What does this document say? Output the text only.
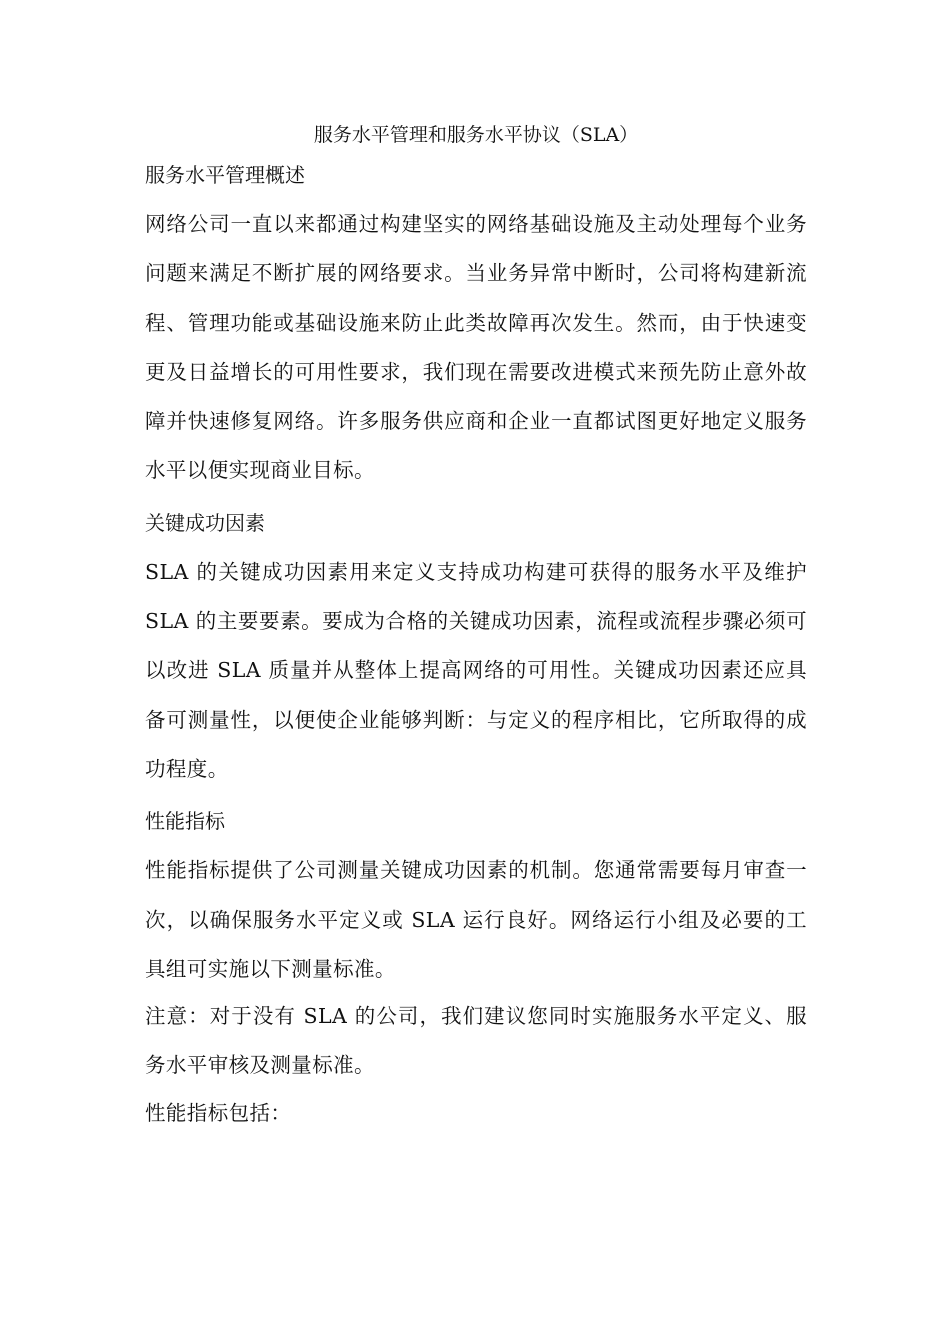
服务水平管理和服务水平协议（SLA）
服务水平管理概述

网络公司一直以来都通过构建坚实的网络基础设施及主动处理每个业务问题来满足不断扩展的网络要求。当业务异常中断时，公司将构建新流程、管理功能或基础设施来防止此类故障再次发生。然而，由于快速变更及日益增长的可用性要求，我们现在需要改进模式来预先防止意外故障并快速修复网络。许多服务供应商和企业一直都试图更好地定义服务水平以便实现商业目标。

关键成功因素

SLA 的关键成功因素用来定义支持成功构建可获得的服务水平及维护 SLA 的主要要素。要成为合格的关键成功因素，流程或流程步骤必须可以改进 SLA 质量并从整体上提高网络的可用性。关键成功因素还应具备可测量性，以便使企业能够判断：与定义的程序相比，它所取得的成功程度。

性能指标

性能指标提供了公司测量关键成功因素的机制。您通常需要每月审查一次，以确保服务水平定义或 SLA 运行良好。网络运行小组及必要的工具组可实施以下测量标准。

注意：对于没有 SLA 的公司，我们建议您同时实施服务水平定义、服务水平审核及测量标准。

性能指标包括：
